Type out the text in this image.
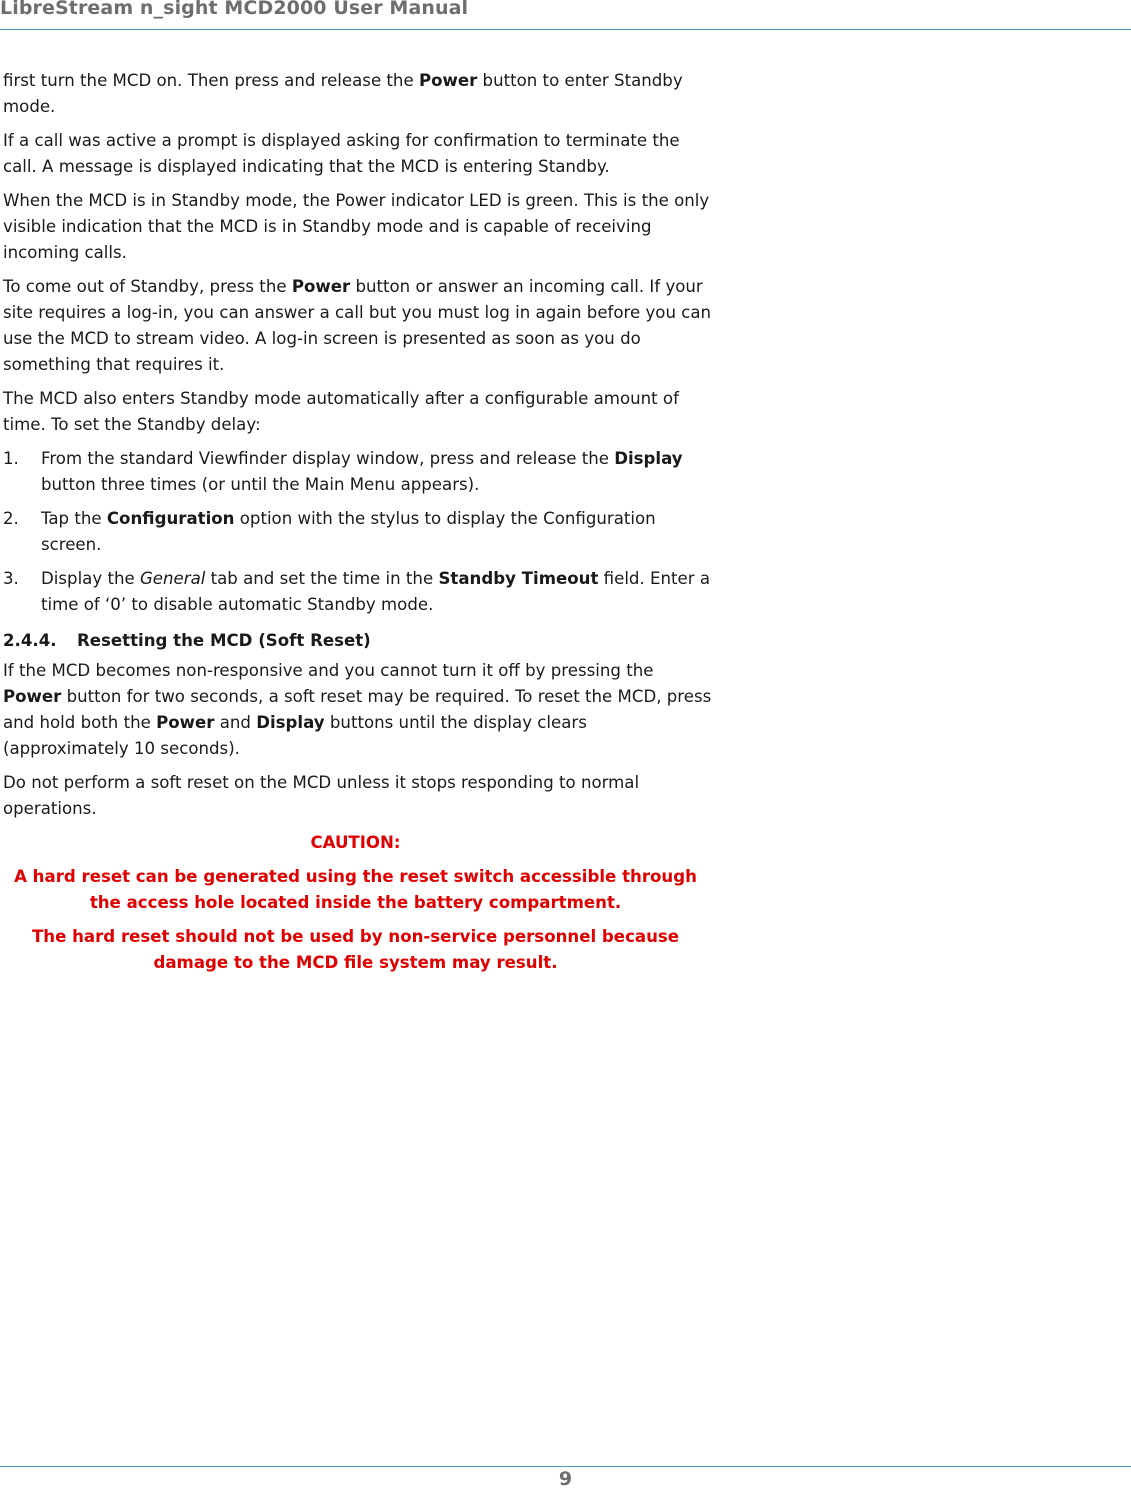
LibreStream n_sight MCD2000 User Manual

first turn the MCD on. Then press and release the Power button to enter Standby mode.

If a call was active a prompt is displayed asking for confirmation to terminate the call. A message is displayed indicating that the MCD is entering Standby.

When the MCD is in Standby mode, the Power indicator LED is green. This is the only visible indication that the MCD is in Standby mode and is capable of receiving incoming calls.

To come out of Standby, press the Power button or answer an incoming call. If your site requires a log-in, you can answer a call but you must log in again before you can use the MCD to stream video. A log-in screen is presented as soon as you do something that requires it.

The MCD also enters Standby mode automatically after a configurable amount of time. To set the Standby delay:

1. From the standard Viewfinder display window, press and release the Display button three times (or until the Main Menu appears).
2. Tap the Configuration option with the stylus to display the Configuration screen.
3. Display the General tab and set the time in the Standby Timeout field. Enter a time of ‘0’ to disable automatic Standby mode.
2.4.4. Resetting the MCD (Soft Reset)

If the MCD becomes non-responsive and you cannot turn it off by pressing the Power button for two seconds, a soft reset may be required. To reset the MCD, press and hold both the Power and Display buttons until the display clears (approximately 10 seconds).

Do not perform a soft reset on the MCD unless it stops responding to normal operations.

CAUTION:

A hard reset can be generated using the reset switch accessible through the access hole located inside the battery compartment.

The hard reset should not be used by non-service personnel because damage to the MCD file system may result.

9
